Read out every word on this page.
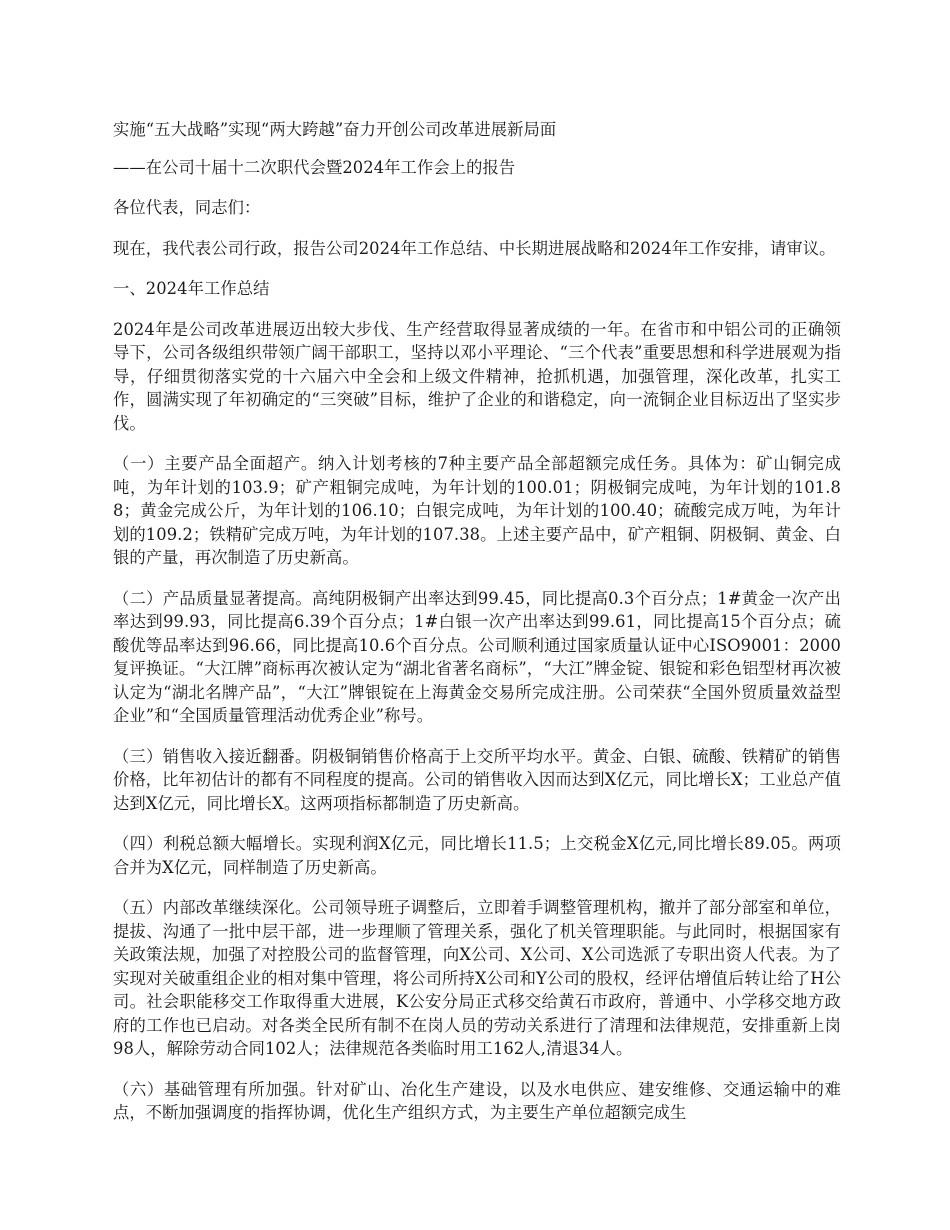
实施“五大战略”实现“两大跨越”奋力开创公司改革进展新局面

——在公司十届十二次职代会暨2024年工作会上的报告

各位代表，同志们：

现在，我代表公司行政，报告公司2024年工作总结、中长期进展战略和2024年工作安排，请审议。

一、2024年工作总结

2024年是公司改革进展迈出较大步伐、生产经营取得显著成绩的一年。在省市和中铝公司的正确领导下，公司各级组织带领广阔干部职工，坚持以邓小平理论、“三个代表”重要思想和科学进展观为指导，仔细贯彻落实党的十六届六中全会和上级文件精神，抢抓机遇，加强管理，深化改革，扎实工作，圆满实现了年初确定的“三突破”目标，维护了企业的和谐稳定，向一流铜企业目标迈出了坚实步伐。

（一）主要产品全面超产。纳入计划考核的7种主要产品全部超额完成任务。具体为：矿山铜完成吨，为年计划的103.9；矿产粗铜完成吨，为年计划的100.01；阴极铜完成吨，为年计划的101.88；黄金完成公斤，为年计划的106.10；白银完成吨，为年计划的100.40；硫酸完成万吨，为年计划的109.2；铁精矿完成万吨，为年计划的107.38。上述主要产品中，矿产粗铜、阴极铜、黄金、白银的产量，再次制造了历史新高。

（二）产品质量显著提高。高纯阴极铜产出率达到99.45，同比提高0.3个百分点；1#黄金一次产出率达到99.93，同比提高6.39个百分点；1#白银一次产出率达到99.61，同比提高15个百分点；硫酸优等品率达到96.66，同比提高10.6个百分点。公司顺利通过国家质量认证中心ISO9001：2000复评换证。“大江牌”商标再次被认定为“湖北省著名商标”，“大江”牌金锭、银锭和彩色铝型材再次被认定为“湖北名牌产品”，“大江”牌银锭在上海黄金交易所完成注册。公司荣获“全国外贸质量效益型企业”和“全国质量管理活动优秀企业”称号。

（三）销售收入接近翻番。阴极铜销售价格高于上交所平均水平。黄金、白银、硫酸、铁精矿的销售价格，比年初估计的都有不同程度的提高。公司的销售收入因而达到X亿元，同比增长X；工业总产值达到X亿元，同比增长X。这两项指标都制造了历史新高。

（四）利税总额大幅增长。实现利润X亿元，同比增长11.5；上交税金X亿元,同比增长89.05。两项合并为X亿元，同样制造了历史新高。

（五）内部改革继续深化。公司领导班子调整后，立即着手调整管理机构，撤并了部分部室和单位，提拔、沟通了一批中层干部，进一步理顺了管理关系，强化了机关管理职能。与此同时，根据国家有关政策法规，加强了对控股公司的监督管理，向X公司、X公司、X公司选派了专职出资人代表。为了实现对关破重组企业的相对集中管理，将公司所持X公司和Y公司的股权，经评估增值后转让给了H公司。社会职能移交工作取得重大进展，K公安分局正式移交给黄石市政府，普通中、小学移交地方政府的工作也已启动。对各类全民所有制不在岗人员的劳动关系进行了清理和法律规范，安排重新上岗98人，解除劳动合同102人；法律规范各类临时用工162人,清退34人。

（六）基础管理有所加强。针对矿山、冶化生产建设，以及水电供应、建安维修、交通运输中的难点，不断加强调度的指挥协调，优化生产组织方式，为主要生产单位超额完成生
